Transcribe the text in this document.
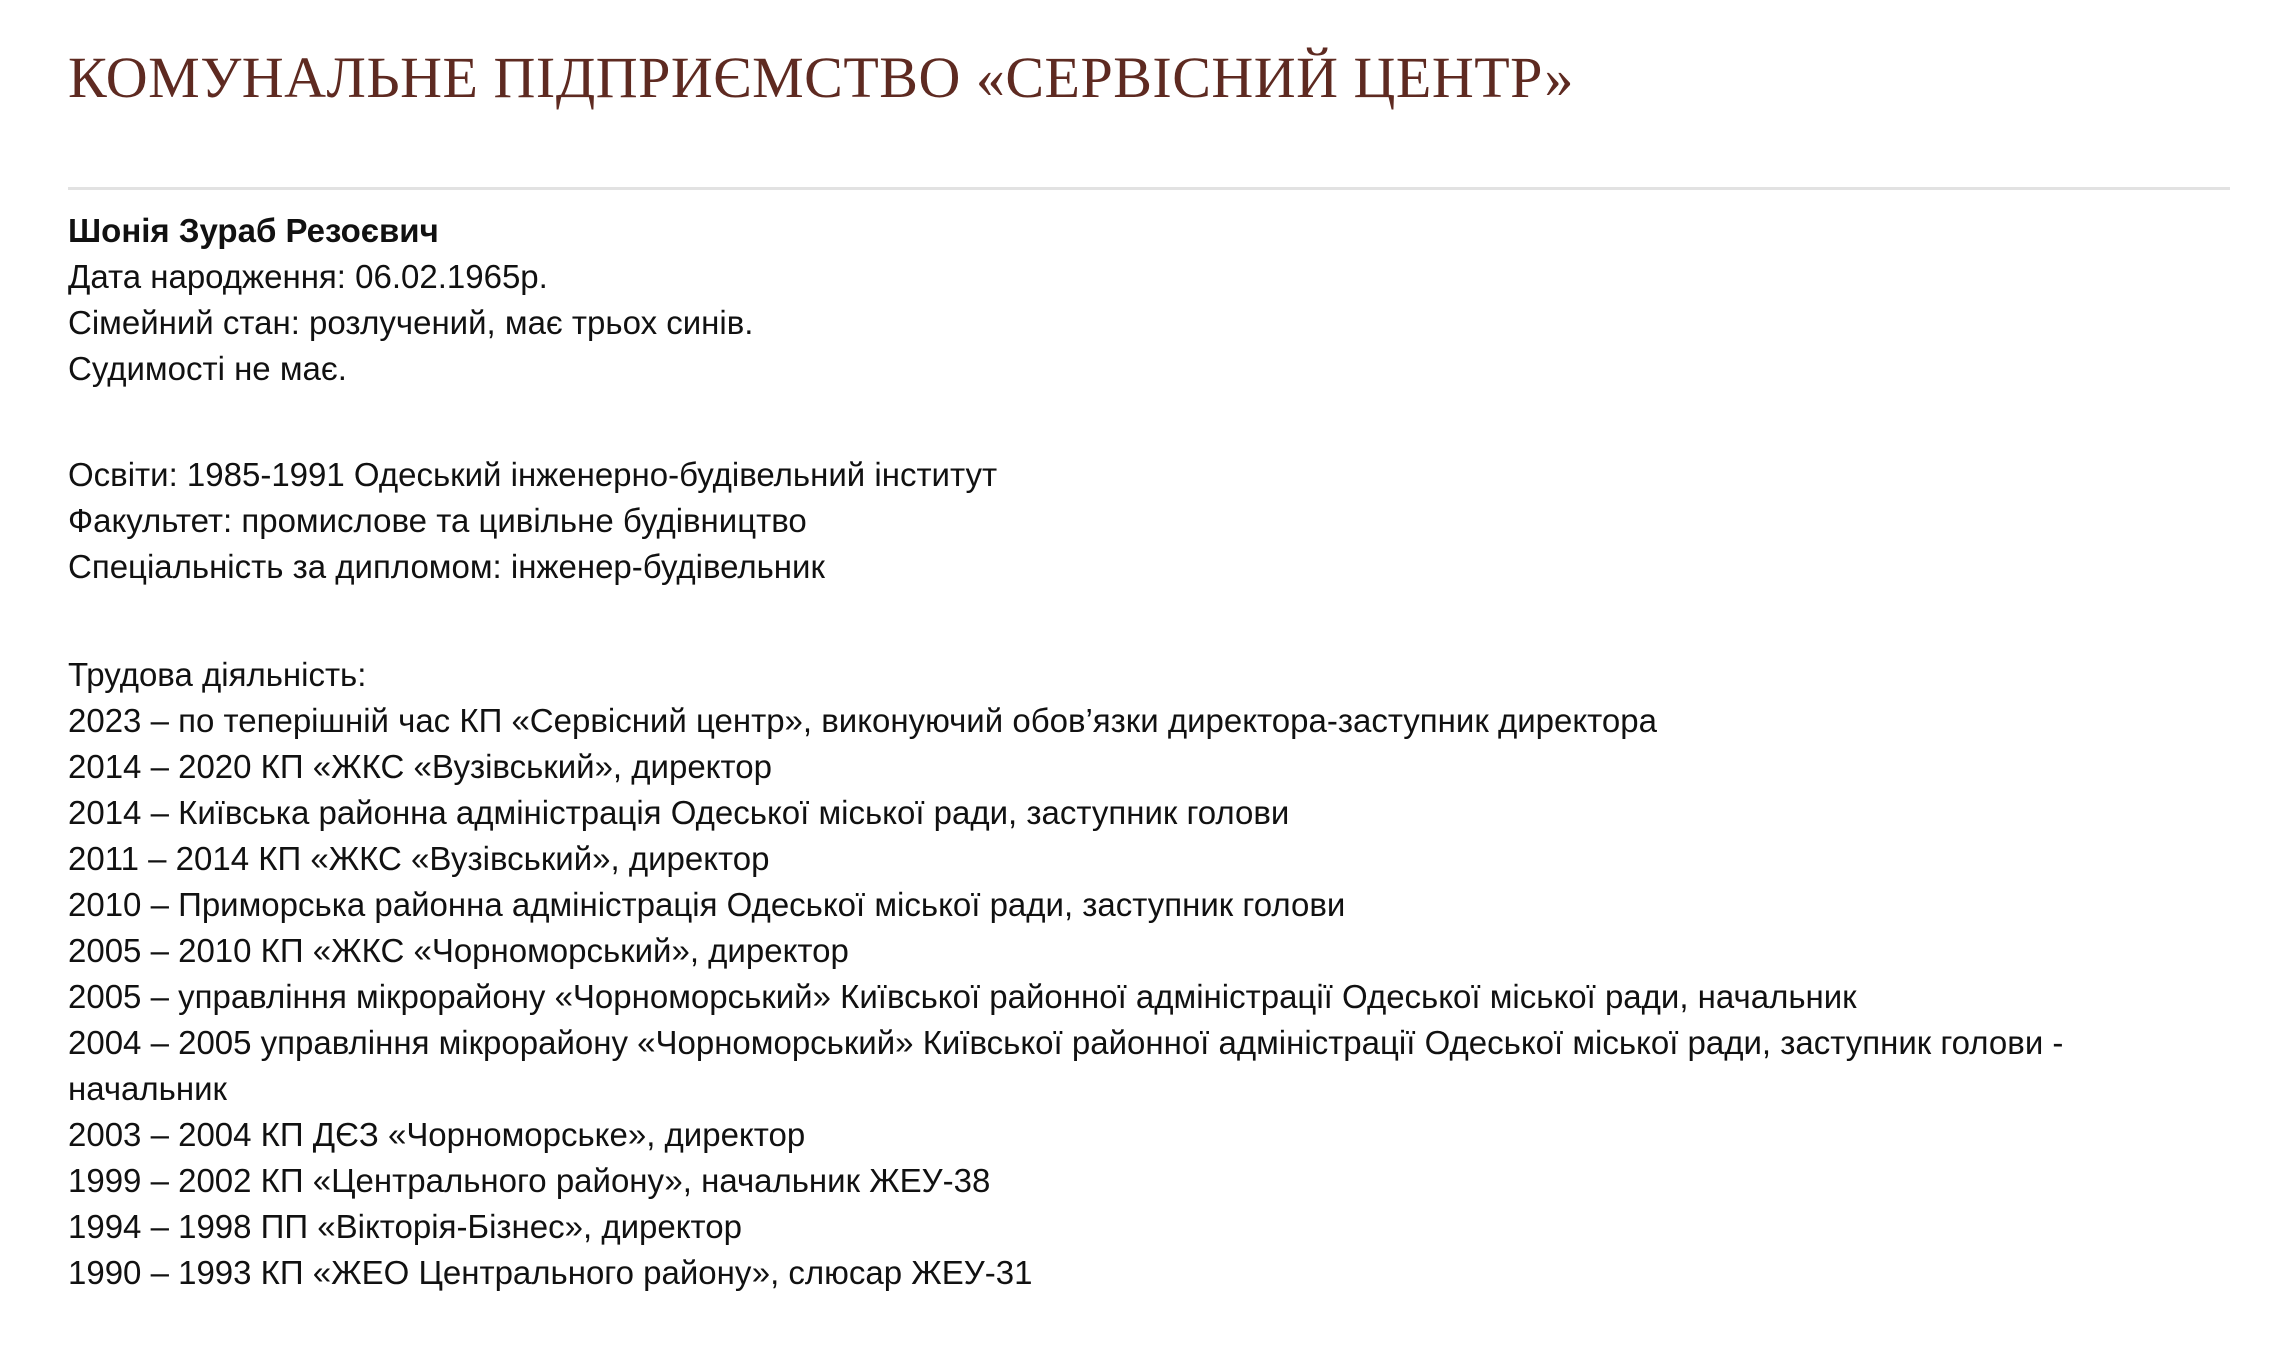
КОМУНАЛЬНЕ ПІДПРИЄМСТВО «СЕРВІСНИЙ ЦЕНТР»
Шонія Зураб Резоєвич
Дата народження: 06.02.1965р.
Сімейний стан: розлучений, має трьох синів.
Судимості не має.
Освіти: 1985-1991 Одеський інженерно-будівельний інститут
Факультет: промислове та цивільне будівництво
Спеціальність за дипломом: інженер-будівельник
Трудова діяльність:
2023 – по теперішній час КП «Сервісний центр», виконуючий обов’язки директора-заступник директора
2014 – 2020 КП «ЖКС «Вузівський», директор
2014 – Київська районна адміністрація Одеської міської ради, заступник голови
2011 – 2014 КП «ЖКС «Вузівський», директор
2010 – Приморська районна адміністрація Одеської міської ради, заступник голови
2005 – 2010 КП «ЖКС «Чорноморський», директор
2005 – управління мікрорайону «Чорноморський» Київської районної адміністрації Одеської міської ради, начальник
2004 – 2005 управління мікрорайону «Чорноморський» Київської районної адміністрації Одеської міської ради, заступник голови - начальник
2003 – 2004 КП ДЄЗ «Чорноморське», директор
1999 – 2002 КП «Центрального району», начальник ЖЕУ-38
1994 – 1998 ПП «Вікторія-Бізнес», директор
1990 – 1993 КП «ЖЕО Центрального району», слюсар ЖЕУ-31
